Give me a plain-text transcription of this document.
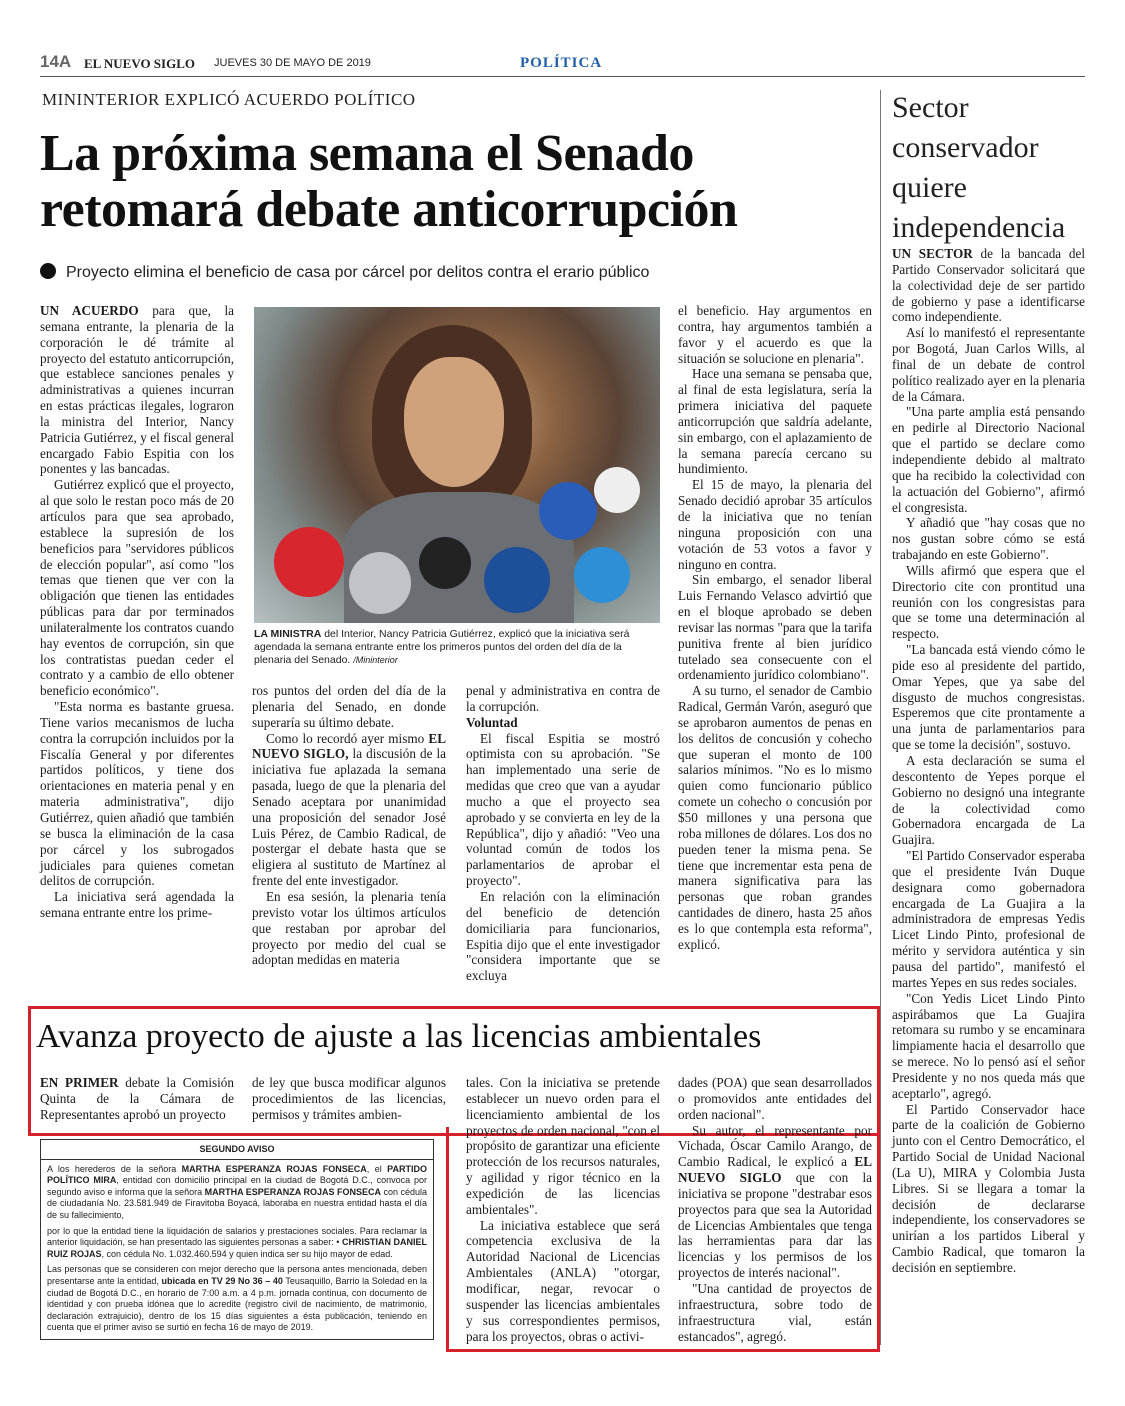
14A EL NUEVO SIGLO JUEVES 30 DE MAYO DE 2019	POLÍTICA
MININTERIOR EXPLICÓ ACUERDO POLÍTICO
La próxima semana el Senado
retomará debate anticorrupción
Proyecto elimina el beneficio de casa por cárcel por delitos contra el erario público

UN ACUERDO para que, la semana entrante, la plenaria de la corporación le dé trámite al proyecto del estatuto anticorrupción, que establece sanciones penales y administrativas a quienes incurran en estas prácticas ilegales, lograron la ministra del Interior, Nancy Patricia Gutiérrez, y el fiscal general encargado Fabio Espitia con los ponentes y las bancadas.

Gutiérrez explicó que el proyecto, al que solo le restan poco más de 20 artículos para que sea aprobado, establece la supresión de los beneficios para "servidores públicos de elección popular", así como "los temas que tienen que ver con la obligación que tienen las entidades públicas para dar por terminados unilateralmente los contratos cuando hay eventos de corrupción, sin que los contratistas puedan ceder el contrato y a cambio de ello obtener beneficio económico".

"Esta norma es bastante gruesa. Tiene varios mecanismos de lucha contra la corrupción incluidos por la Fiscalía General y por diferentes partidos políticos, y tiene dos orientaciones en materia penal y en materia administrativa", dijo Gutiérrez, quien añadió que también se busca la eliminación de la casa por cárcel y los subrogados judiciales para quienes cometan delitos de corrupción.

La iniciativa será agendada la semana entrante entre los prime-

LA MINISTRA del Interior, Nancy Patricia Gutiérrez, explicó que la iniciativa será agendada la semana entrante entre los primeros puntos del orden del día de la plenaria del Senado. /Mininterior

ros puntos del orden del día de la plenaria del Senado, en donde superaría su último debate.

Como lo recordó ayer mismo EL NUEVO SIGLO, la discusión de la iniciativa fue aplazada la semana pasada, luego de que la plenaria del Senado aceptara por unanimidad una proposición del senador José Luis Pérez, de Cambio Radical, de postergar el debate hasta que se eligiera al sustituto de Martínez al frente del ente investigador.

En esa sesión, la plenaria tenía previsto votar los últimos artículos que restaban por aprobar del proyecto por medio del cual se adoptan medidas en materia

penal y administrativa en contra de la corrupción.

Voluntad

El fiscal Espitia se mostró optimista con su aprobación. "Se han implementado una serie de medidas que creo que van a ayudar mucho a que el proyecto sea aprobado y se convierta en ley de la República", dijo y añadió: "Veo una voluntad común de todos los parlamentarios de aprobar el proyecto".

En relación con la eliminación del beneficio de detención domiciliaria para funcionarios, Espitia dijo que el ente investigador "considera importante que se excluya

el beneficio. Hay argumentos en contra, hay argumentos también a favor y el acuerdo es que la situación se solucione en plenaria".

Hace una semana se pensaba que, al final de esta legislatura, sería la primera iniciativa del paquete anticorrupción que saldría adelante, sin embargo, con el aplazamiento de la semana parecía cercano su hundimiento.

El 15 de mayo, la plenaria del Senado decidió aprobar 35 artículos de la iniciativa que no tenían ninguna proposición con una votación de 53 votos a favor y ninguno en contra.

Sin embargo, el senador liberal Luis Fernando Velasco advirtió que en el bloque aprobado se deben revisar las normas "para que la tarifa punitiva frente al bien jurídico tutelado sea consecuente con el ordenamiento jurídico colombiano".

A su turno, el senador de Cambio Radical, Germán Varón, aseguró que se aprobaron aumentos de penas en los delitos de concusión y cohecho que superan el monto de 100 salarios mínimos. "No es lo mismo quien como funcionario público comete un cohecho o concusión por $50 millones y una persona que roba millones de dólares. Los dos no pueden tener la misma pena. Se tiene que incrementar esta pena de manera significativa para las personas que roban grandes cantidades de dinero, hasta 25 años es lo que contempla esta reforma", explicó.

Sector
conservador
quiere
independencia

UN SECTOR de la bancada del Partido Conservador solicitará que la colectividad deje de ser partido de gobierno y pase a identificarse como independiente.

Así lo manifestó el representante por Bogotá, Juan Carlos Wills, al final de un debate de control político realizado ayer en la plenaria de la Cámara.

"Una parte amplia está pensando en pedirle al Directorio Nacional que el partido se declare como independiente debido al maltrato que ha recibido la colectividad con la actuación del Gobierno", afirmó el congresista.

Y añadió que "hay cosas que no nos gustan sobre cómo se está trabajando en este Gobierno".

Wills afirmó que espera que el Directorio cite con prontitud una reunión con los congresistas para que se tome una determinación al respecto.

"La bancada está viendo cómo le pide eso al presidente del partido, Omar Yepes, que ya sabe del disgusto de muchos congresistas. Esperemos que cite prontamente a una junta de parlamentarios para que se tome la decisión", sostuvo.

A esta declaración se suma el descontento de Yepes porque el Gobierno no designó una integrante de la colectividad como Gobernadora encargada de La Guajira.

"El Partido Conservador esperaba que el presidente Iván Duque designara como gobernadora encargada de La Guajira a la administradora de empresas Yedis Licet Lindo Pinto, profesional de mérito y servidora auténtica y sin pausa del partido", manifestó el martes Yepes en sus redes sociales.

"Con Yedis Licet Lindo Pinto aspirábamos que La Guajira retomara su rumbo y se encaminara limpiamente hacia el desarrollo que se merece. No lo pensó así el señor Presidente y no nos queda más que aceptarlo", agregó.

El Partido Conservador hace parte de la coalición de Gobierno junto con el Centro Democrático, el Partido Social de Unidad Nacional (La U), MIRA y Colombia Justa Libres. Si se llegara a tomar la decisión de declararse independiente, los conservadores se unirían a los partidos Liberal y Cambio Radical, que tomaron la decisión en septiembre.

Avanza proyecto de ajuste a las licencias ambientales

EN PRIMER debate la Comisión Quinta de la Cámara de Representantes aprobó un proyecto

de ley que busca modificar algunos procedimientos de las licencias, permisos y trámites ambien-

tales. Con la iniciativa se pretende establecer un nuevo orden para el licenciamiento ambiental de los proyectos de orden nacional, "con el propósito de garantizar una eficiente protección de los recursos naturales, y agilidad y rigor técnico en la expedición de las licencias ambientales".

La iniciativa establece que será competencia exclusiva de la Autoridad Nacional de Licencias Ambientales (ANLA) "otorgar, modificar, negar, revocar o suspender las licencias ambientales y sus correspondientes permisos, para los proyectos, obras o activi-

dades (POA) que sean desarrollados o promovidos ante entidades del orden nacional".

Su autor, el representante por Vichada, Óscar Camilo Arango, de Cambio Radical, le explicó a EL NUEVO SIGLO que con la iniciativa se propone "destrabar esos proyectos para que sea la Autoridad de Licencias Ambientales que tenga las herramientas para dar las licencias y los permisos de los proyectos de interés nacional".

"Una cantidad de proyectos de infraestructura, sobre todo de infraestructura vial, están estancados", agregó.

SEGUNDO AVISO

A los herederos de la señora MARTHA ESPERANZA ROJAS FONSECA, el PARTIDO POLÍTICO MIRA, entidad con domicilio principal en la ciudad de Bogotá D.C., convoca por segundo aviso e informa que la señora MARTHA ESPERANZA ROJAS FONSECA con cédula de ciudadanía No. 23.581.949 de Firavitoba Boyacá, laboraba en nuestra entidad hasta el día de su fallecimiento,

por lo que la entidad tiene la liquidación de salarios y prestaciones sociales. Para reclamar la anterior liquidación, se han presentado las siguientes personas a saber: • CHRISTIAN DANIEL RUIZ ROJAS, con cédula No. 1.032.460.594 y quien indica ser su hijo mayor de edad.

Las personas que se consideren con mejor derecho que la persona antes mencionada, deben presentarse ante la entidad, ubicada en TV 29 No 36 – 40 Teusaquillo, Barrio la Soledad en la ciudad de Bogotá D.C., en horario de 7:00 a.m. a 4 p.m. jornada continua, con documento de identidad y con prueba idónea que lo acredite (registro civil de nacimiento, de matrimonio, declaración extrajuicio), dentro de los 15 días siguientes a ésta publicación, teniendo en cuenta que el primer aviso se surtió en fecha 16 de mayo de 2019.
